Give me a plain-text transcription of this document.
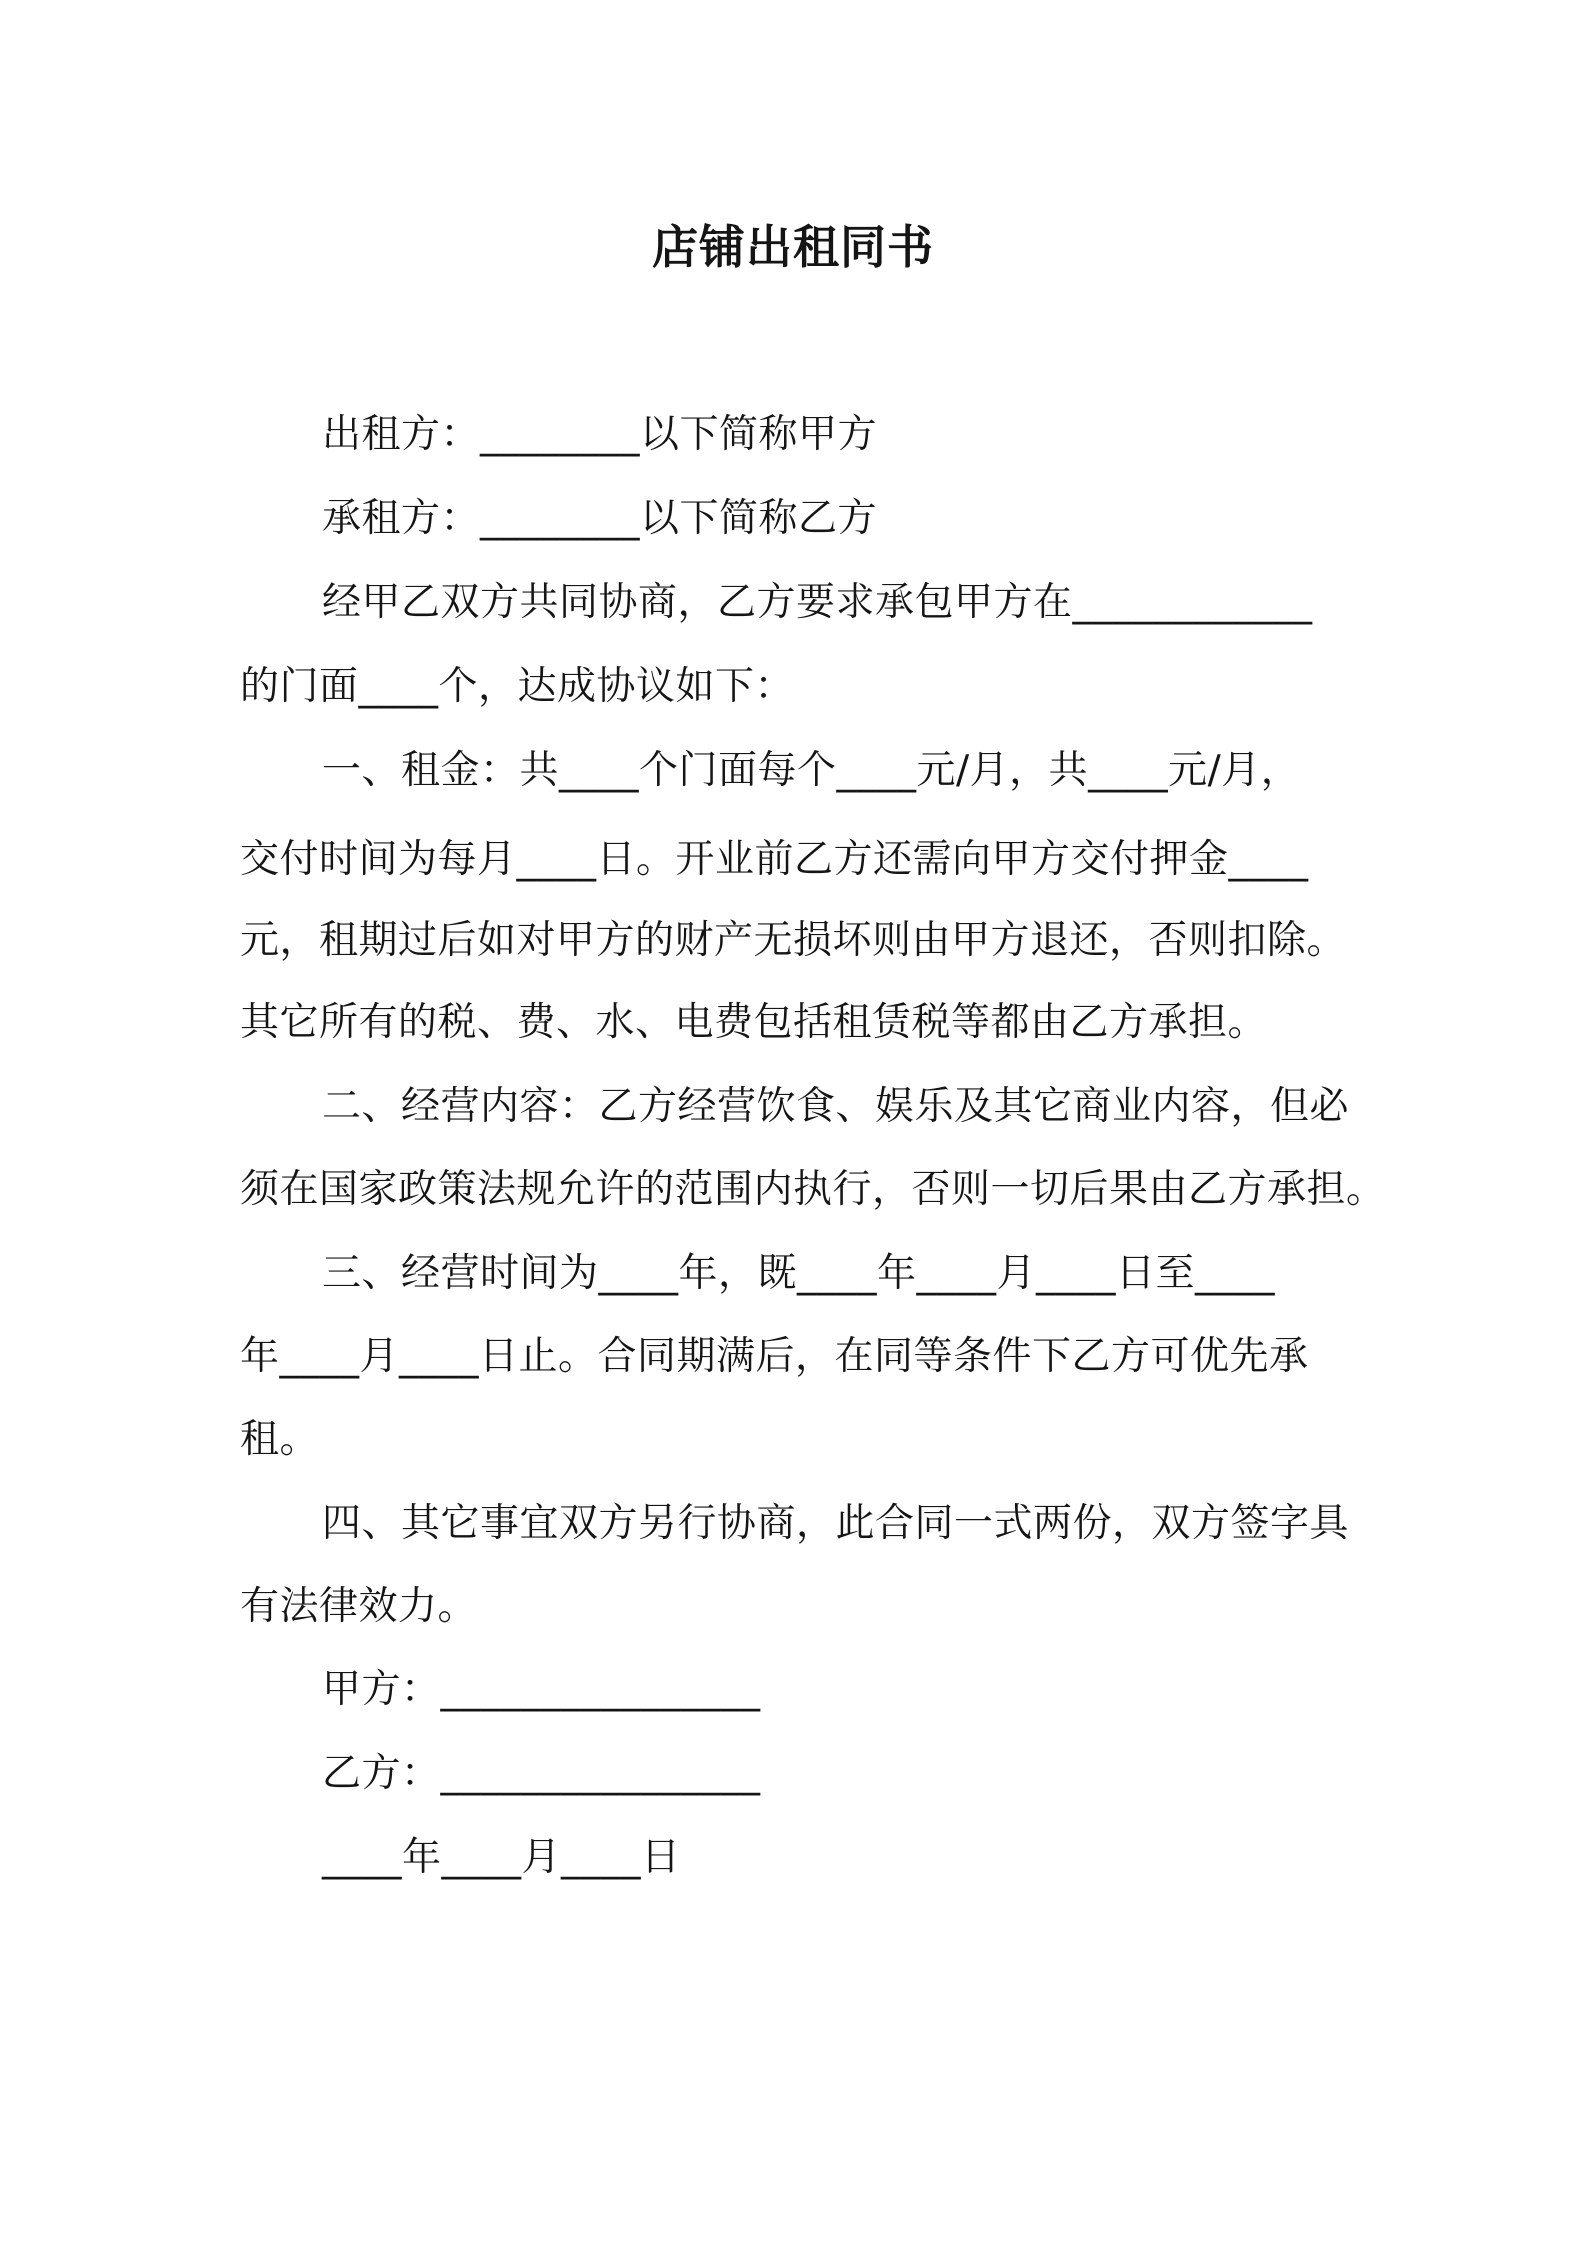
店铺出租同书
出租方：________以下简称甲方
承租方：________以下简称乙方
经甲乙双方共同协商，乙方要求承包甲方在____________
的门面____个，达成协议如下：
一、租金：共____个门面每个____元/月，共____元/月，
交付时间为每月____日。开业前乙方还需向甲方交付押金____
元，租期过后如对甲方的财产无损坏则由甲方退还，否则扣除。
其它所有的税、费、水、电费包括租赁税等都由乙方承担。
二、经营内容：乙方经营饮食、娱乐及其它商业内容，但必
须在国家政策法规允许的范围内执行，否则一切后果由乙方承担。
三、经营时间为____年，既____年____月____日至____
年____月____日止。合同期满后，在同等条件下乙方可优先承
租。
四、其它事宜双方另行协商，此合同一式两份，双方签字具
有法律效力。
甲方：________________
乙方：________________
____年____月____日
